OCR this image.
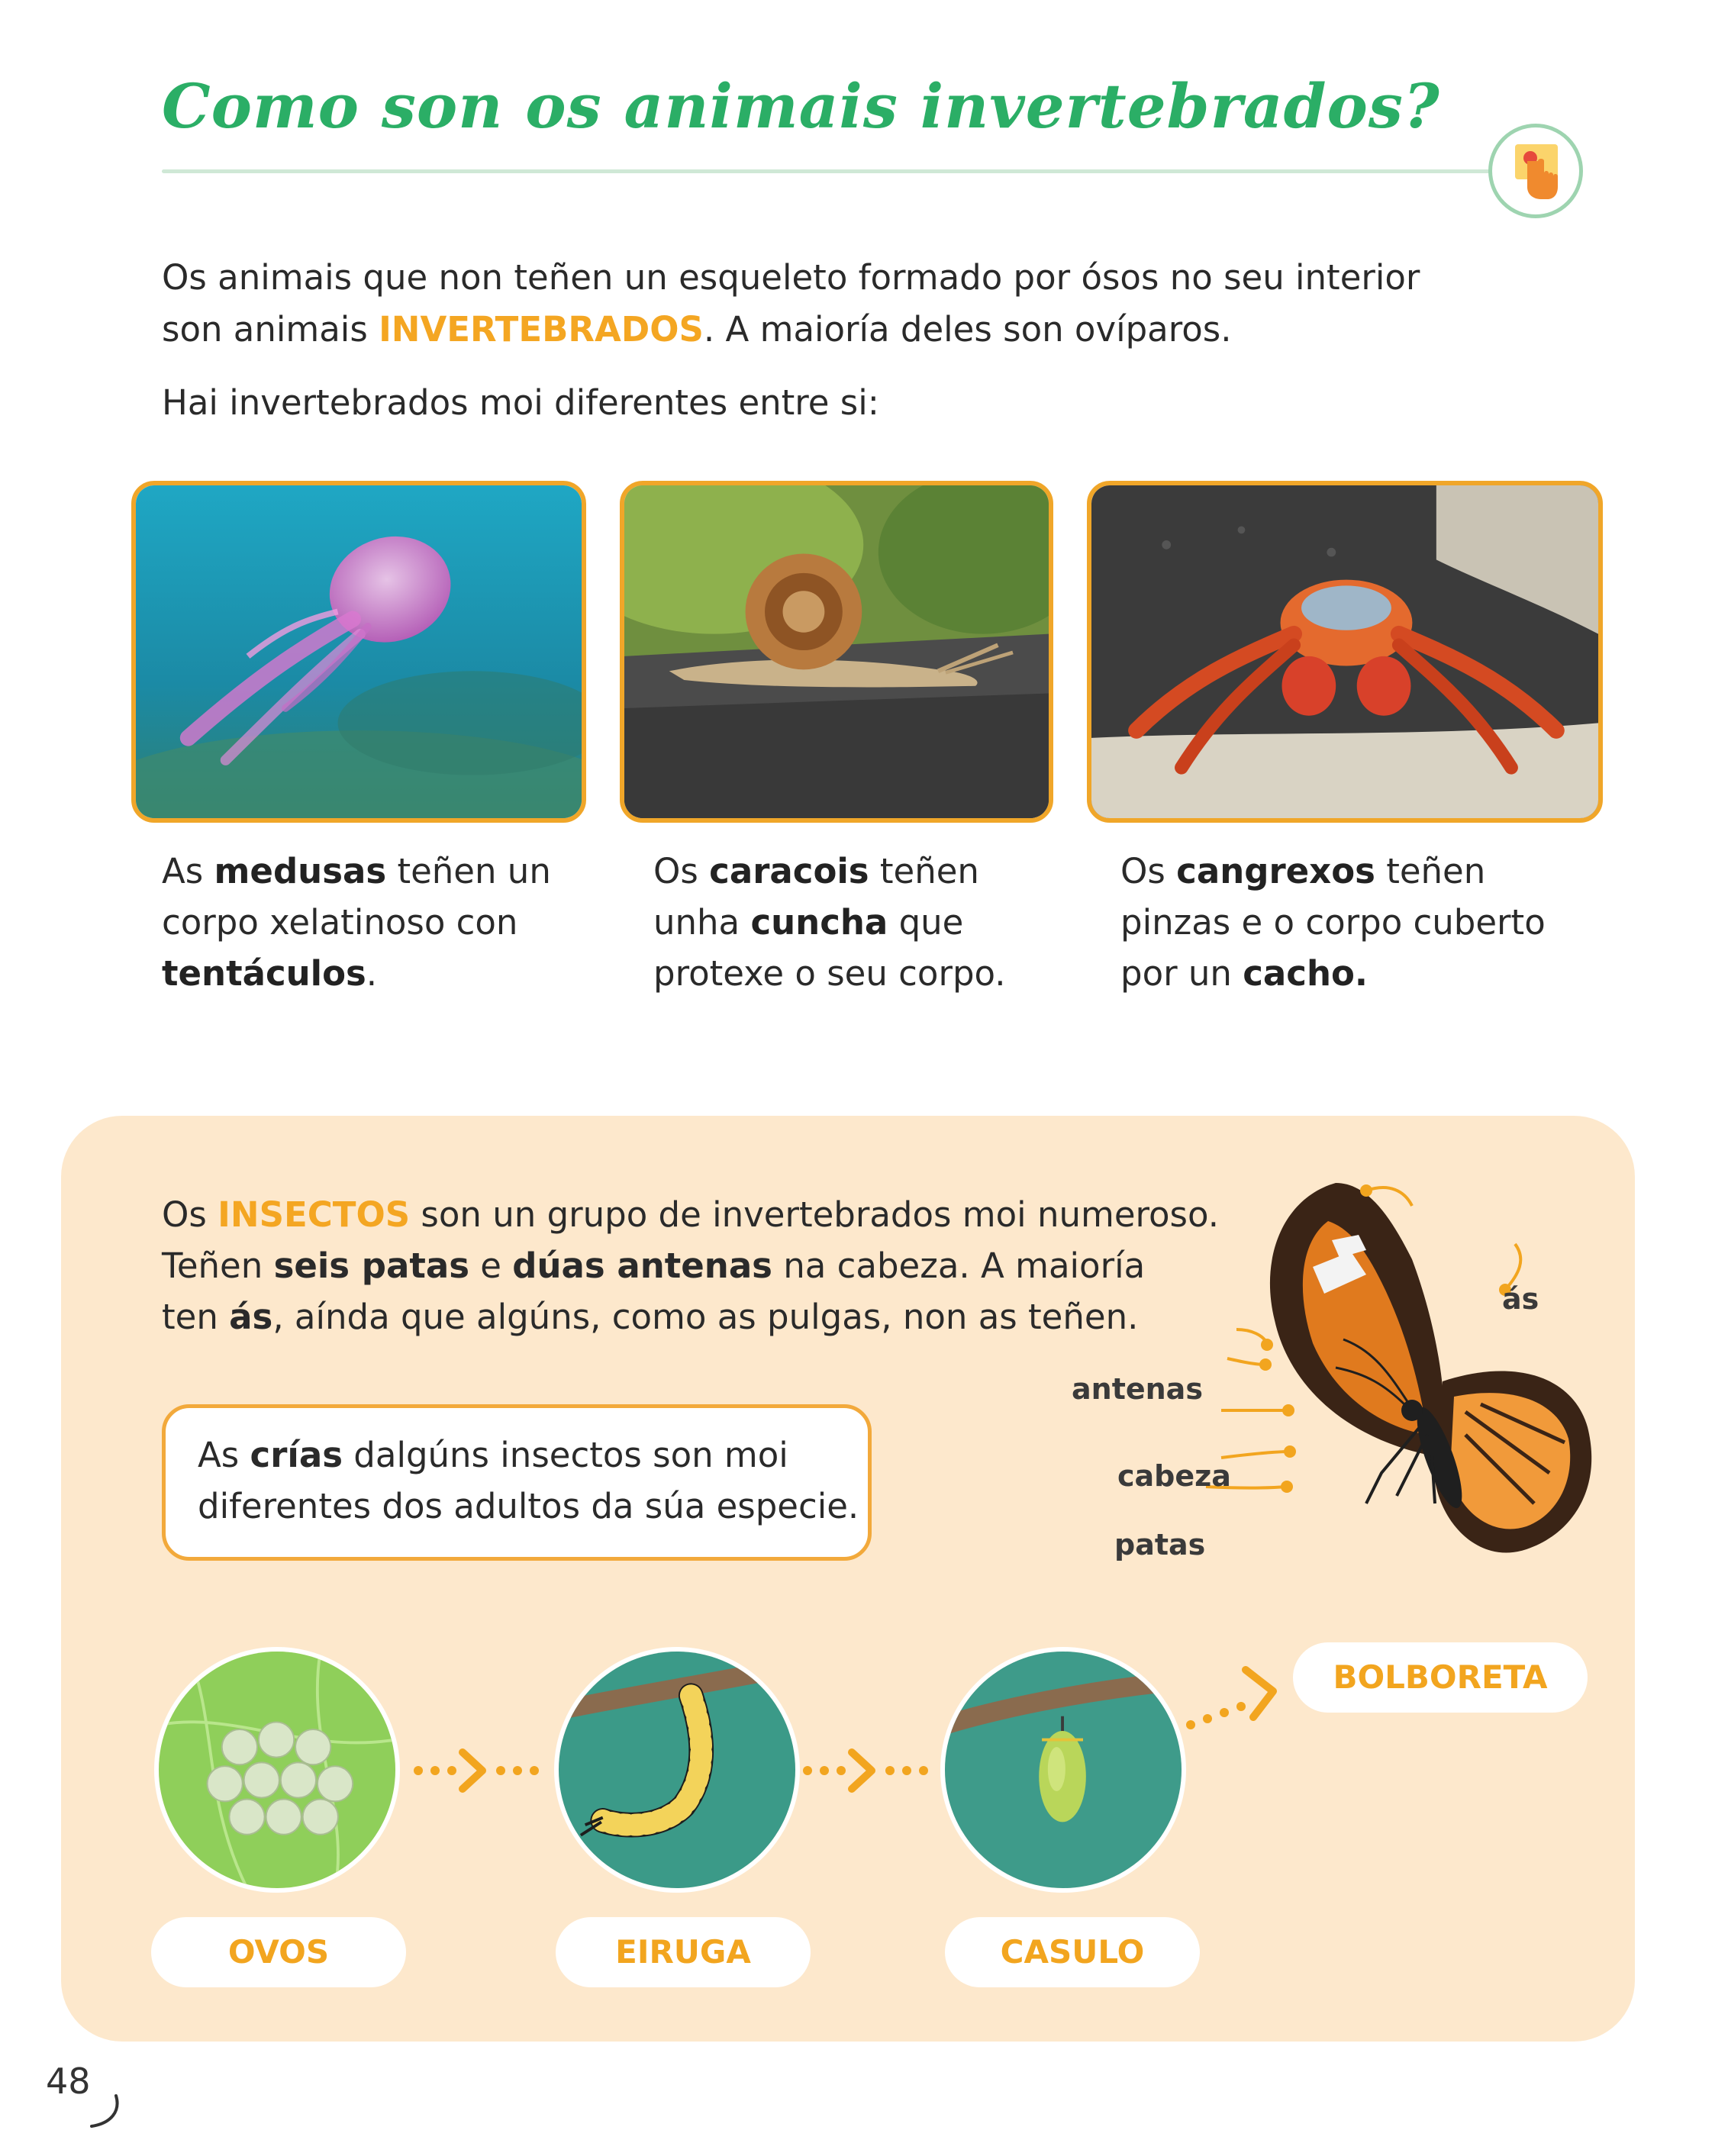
Como son os animais invertebrados?
Os animais que non teñen un esqueleto formado por ósos no seu interior
son animais INVERTEBRADOS. A maioría deles son ovíparos.
Hai invertebrados moi diferentes entre si:
As medusas teñen un
corpo xelatinoso con
tentáculos.
Os caracois teñen
unha cuncha que
protexe o seu corpo.
Os cangrexos teñen
pinzas e o corpo cuberto
por un cacho.
Os INSECTOS son un grupo de invertebrados moi numeroso.
Teñen seis patas e dúas antenas na cabeza. A maioría
ten ás, aínda que algúns, como as pulgas, non as teñen.
As crías dalgúns insectos son moi
diferentes dos adultos da súa especie.
ás
antenas
cabeza
patas
OVOS	EIRUGA	CASULO
BOLBORETA
48
